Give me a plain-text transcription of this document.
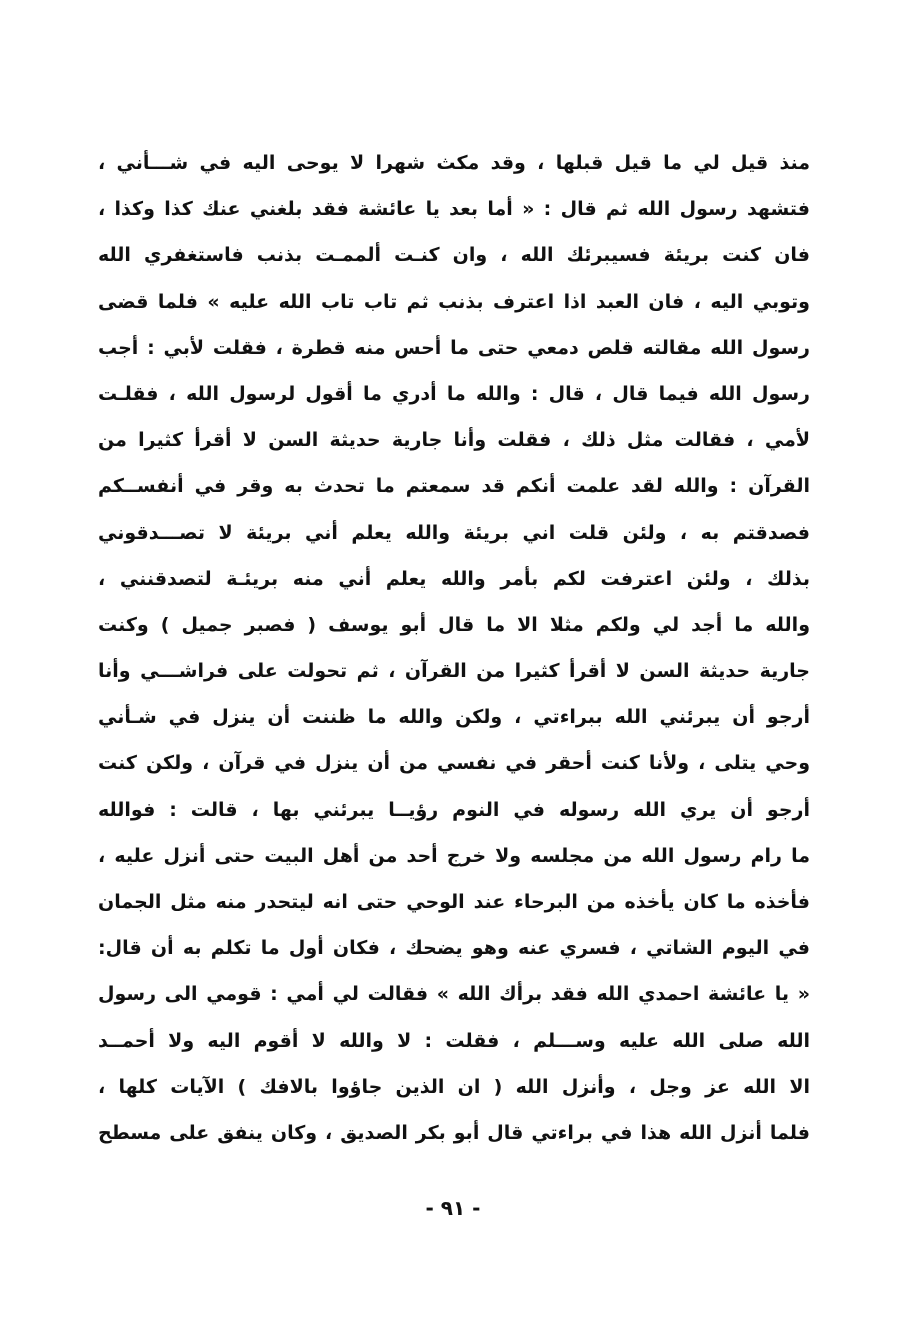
منذ قيل لي ما قيل قبلها ، وقد مكث شهرا لا يوحى اليه في شـــأني ،
فتشهد رسول الله ثم قال : « أما بعد يا عائشة فقد بلغني عنك كذا وكذا ،
فان كنت بريئة فسيبرئك الله ، وان كنـت ألممـت بذنب فاستغفري الله
وتوبي اليه ، فان العبد اذا اعترف بذنب ثم تاب تاب الله عليه » فلما قضى
رسول الله مقالته قلص دمعي حتى ما أحس منه قطرة ، فقلت لأبي : أجب
رسول الله فيما قال ، قال : والله ما أدري ما أقول لرسول الله ، فقلـت
لأمي ، فقالت مثل ذلك ، فقلت وأنا جارية حديثة السن لا أقرأ كثيرا من
القرآن : والله لقد علمت أنكم قد سمعتم ما تحدث به وقر في أنفســكم
فصدقتم به ، ولئن قلت اني بريئة والله يعلم أني بريئة لا تصـــدقوني
بذلك ، ولئن اعترفت لكم بأمر والله يعلم أني منه بريئـة لتصدقنني ،
والله ما أجد لي ولكم مثلا الا ما قال أبو يوسف ( فصبر جميل ) وكنت
جارية حديثة السن لا أقرأ كثيرا من القرآن ، ثم تحولت على فراشـــي وأنا
أرجو أن يبرئني الله ببراءتي ، ولكن والله ما ظننت أن ينزل في شـأني
وحي يتلى ، ولأنا كنت أحقر في نفسي من أن ينزل في قرآن ، ولكن كنت
أرجو أن يري الله رسوله في النوم رؤيــا يبرئني بها ، قالت : فوالله
ما رام رسول الله من مجلسه ولا خرج أحد من أهل البيت حتى أنزل عليه ،
فأخذه ما كان يأخذه من البرحاء عند الوحي حتى انه ليتحدر منه مثل الجمان
في اليوم الشاتي ، فسري عنه وهو يضحك ، فكان أول ما تكلم به أن قال:
« يا عائشة احمدي الله فقد برأك الله » فقالت لي أمي : قومي الى رسول
الله صلى الله عليه وســـلم ، فقلت : لا والله لا أقوم اليه ولا أحمــد
الا الله عز وجل ، وأنزل الله ( ان الذين جاؤوا بالافك ) الآيات كلها ،
فلما أنزل الله هذا في براءتي قال أبو بكر الصديق ، وكان ينفق على مسطح
- ٩١ -
